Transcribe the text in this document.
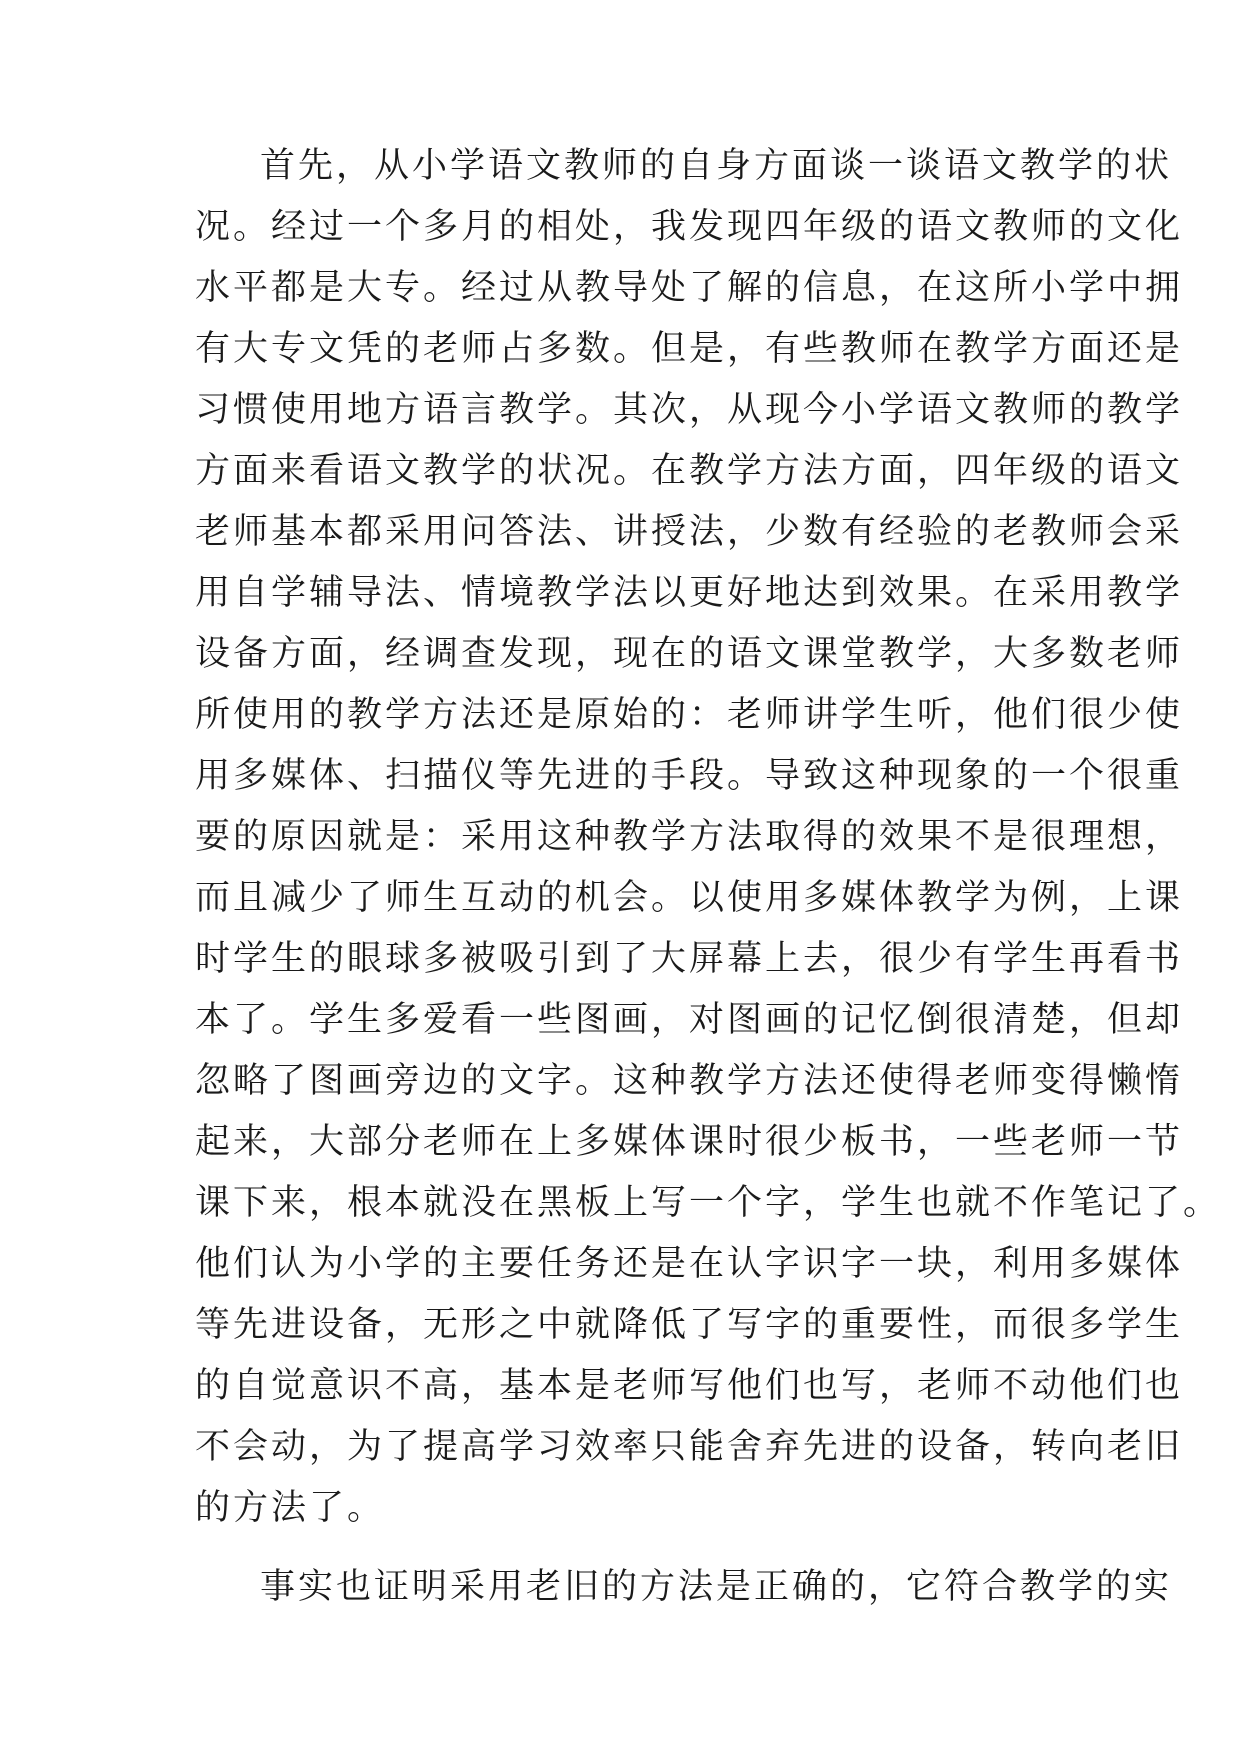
首先，从小学语文教师的自身方面谈一谈语文教学的状
况。经过一个多月的相处，我发现四年级的语文教师的文化
水平都是大专。经过从教导处了解的信息，在这所小学中拥
有大专文凭的老师占多数。但是，有些教师在教学方面还是
习惯使用地方语言教学。其次，从现今小学语文教师的教学
方面来看语文教学的状况。在教学方法方面，四年级的语文
老师基本都采用问答法、讲授法，少数有经验的老教师会采
用自学辅导法、情境教学法以更好地达到效果。在采用教学
设备方面，经调查发现，现在的语文课堂教学，大多数老师
所使用的教学方法还是原始的：老师讲学生听，他们很少使
用多媒体、扫描仪等先进的手段。导致这种现象的一个很重
要的原因就是：采用这种教学方法取得的效果不是很理想，
而且减少了师生互动的机会。以使用多媒体教学为例，上课
时学生的眼球多被吸引到了大屏幕上去，很少有学生再看书
本了。学生多爱看一些图画，对图画的记忆倒很清楚，但却
忽略了图画旁边的文字。这种教学方法还使得老师变得懒惰
起来，大部分老师在上多媒体课时很少板书，一些老师一节
课下来，根本就没在黑板上写一个字，学生也就不作笔记了。
他们认为小学的主要任务还是在认字识字一块，利用多媒体
等先进设备，无形之中就降低了写字的重要性，而很多学生
的自觉意识不高，基本是老师写他们也写，老师不动他们也
不会动，为了提高学习效率只能舍弃先进的设备，转向老旧
的方法了。
事实也证明采用老旧的方法是正确的，它符合教学的实
